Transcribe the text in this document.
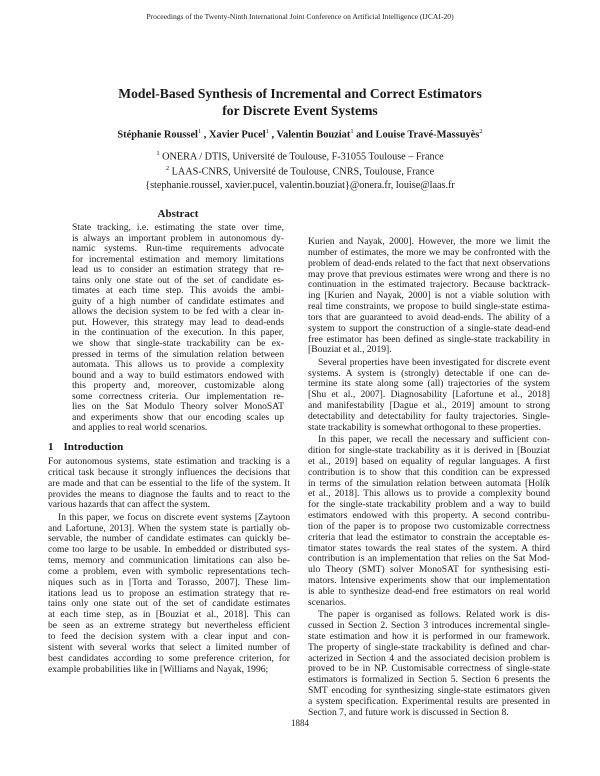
Proceedings of the Twenty-Ninth International Joint Conference on Artificial Intelligence (IJCAI-20)
Model-Based Synthesis of Incremental and Correct Estimators
for Discrete Event Systems
Stéphanie Roussel$^1$ , Xavier Pucel$^1$ , Valentin Bouziat$^1$ and Louise Travé-Massuyès$^2$
$^1$ ONERA / DTIS, Université de Toulouse, F-31055 Toulouse – France
$^2$ LAAS-CNRS, Université de Toulouse, CNRS, Toulouse, France
{stephanie.roussel, xavier.pucel, valentin.bouziat}@onera.fr, louise@laas.fr
Abstract
State tracking, i.e. estimating the state over time,
is always an important problem in autonomous dy-
namic systems. Run-time requirements advocate
for incremental estimation and memory limitations
lead us to consider an estimation strategy that re-
tains only one state out of the set of candidate es-
timates at each time step. This avoids the ambi-
guity of a high number of candidate estimates and
allows the decision system to be fed with a clear in-
put. However, this strategy may lead to dead-ends
in the continuation of the execution. In this paper,
we show that single-state trackability can be ex-
pressed in terms of the simulation relation between
automata. This allows us to provide a complexity
bound and a way to build estimators endowed with
this property and, moreover, customizable along
some correctness criteria. Our implementation re-
lies on the Sat Modulo Theory solver MonoSAT
and experiments show that our encoding scales up
and applies to real world scenarios.
1 Introduction
For autonomous systems, state estimation and tracking is a
critical task because it strongly influences the decisions that
are made and that can be essential to the life of the system. It
provides the means to diagnose the faults and to react to the
various hazards that can affect the system.
In this paper, we focus on discrete event systems [Zaytoon
and Lafortune, 2013]. When the system state is partially ob-
servable, the number of candidate estimates can quickly be-
come too large to be usable. In embedded or distributed sys-
tems, memory and communication limitations can also be-
come a problem, even with symbolic representations tech-
niques such as in [Torta and Torasso, 2007]. These lim-
itations lead us to propose an estimation strategy that re-
tains only one state out of the set of candidate estimates
at each time step, as in [Bouziat et al., 2018]. This can
be seen as an extreme strategy but nevertheless efficient
to feed the decision system with a clear input and con-
sistent with several works that select a limited number of
best candidates according to some preference criterion, for
example probabilities like in [Williams and Nayak, 1996;
Kurien and Nayak, 2000]. However, the more we limit the
number of estimates, the more we may be confronted with the
problem of dead-ends related to the fact that next observations
may prove that previous estimates were wrong and there is no
continuation in the estimated trajectory. Because backtrack-
ing [Kurien and Nayak, 2000] is not a viable solution with
real time constraints, we propose to build single-state estima-
tors that are guaranteed to avoid dead-ends. The ability of a
system to support the construction of a single-state dead-end
free estimator has been defined as single-state trackability in
[Bouziat et al., 2019].
Several properties have been investigated for discrete event
systems. A system is (strongly) detectable if one can de-
termine its state along some (all) trajectories of the system
[Shu et al., 2007]. Diagnosability [Lafortune et al., 2018]
and manifestability [Dague et al., 2019] amount to strong
detectability and detectability for faulty trajectories. Single-
state trackability is somewhat orthogonal to these properties.
In this paper, we recall the necessary and sufficient con-
dition for single-state trackability as it is derived in [Bouziat
et al., 2019] based on equality of regular languages. A first
contribution is to show that this condition can be expressed
in terms of the simulation relation between automata [Holík
et al., 2018]. This allows us to provide a complexity bound
for the single-state trackability problem and a way to build
estimators endowed with this property. A second contribu-
tion of the paper is to propose two customizable correctness
criteria that lead the estimator to constrain the acceptable es-
timator states towards the real states of the system. A third
contribution is an implementation that relies on the Sat Mod-
ulo Theory (SMT) solver MonoSAT for synthesising esti-
mators. Intensive experiments show that our implementation
is able to synthesize dead-end free estimators on real world
scenarios.
The paper is organised as follows. Related work is dis-
cussed in Section 2. Section 3 introduces incremental single-
state estimation and how it is performed in our framework.
The property of single-state trackability is defined and char-
acterized in Section 4 and the associated decision problem is
proved to be in NP. Customisable correctness of single-state
estimators is formalized in Section 5. Section 6 presents the
SMT encoding for synthesizing single-state estimators given
a system specification. Experimental results are presented in
Section 7, and future work is discussed in Section 8.
1884
